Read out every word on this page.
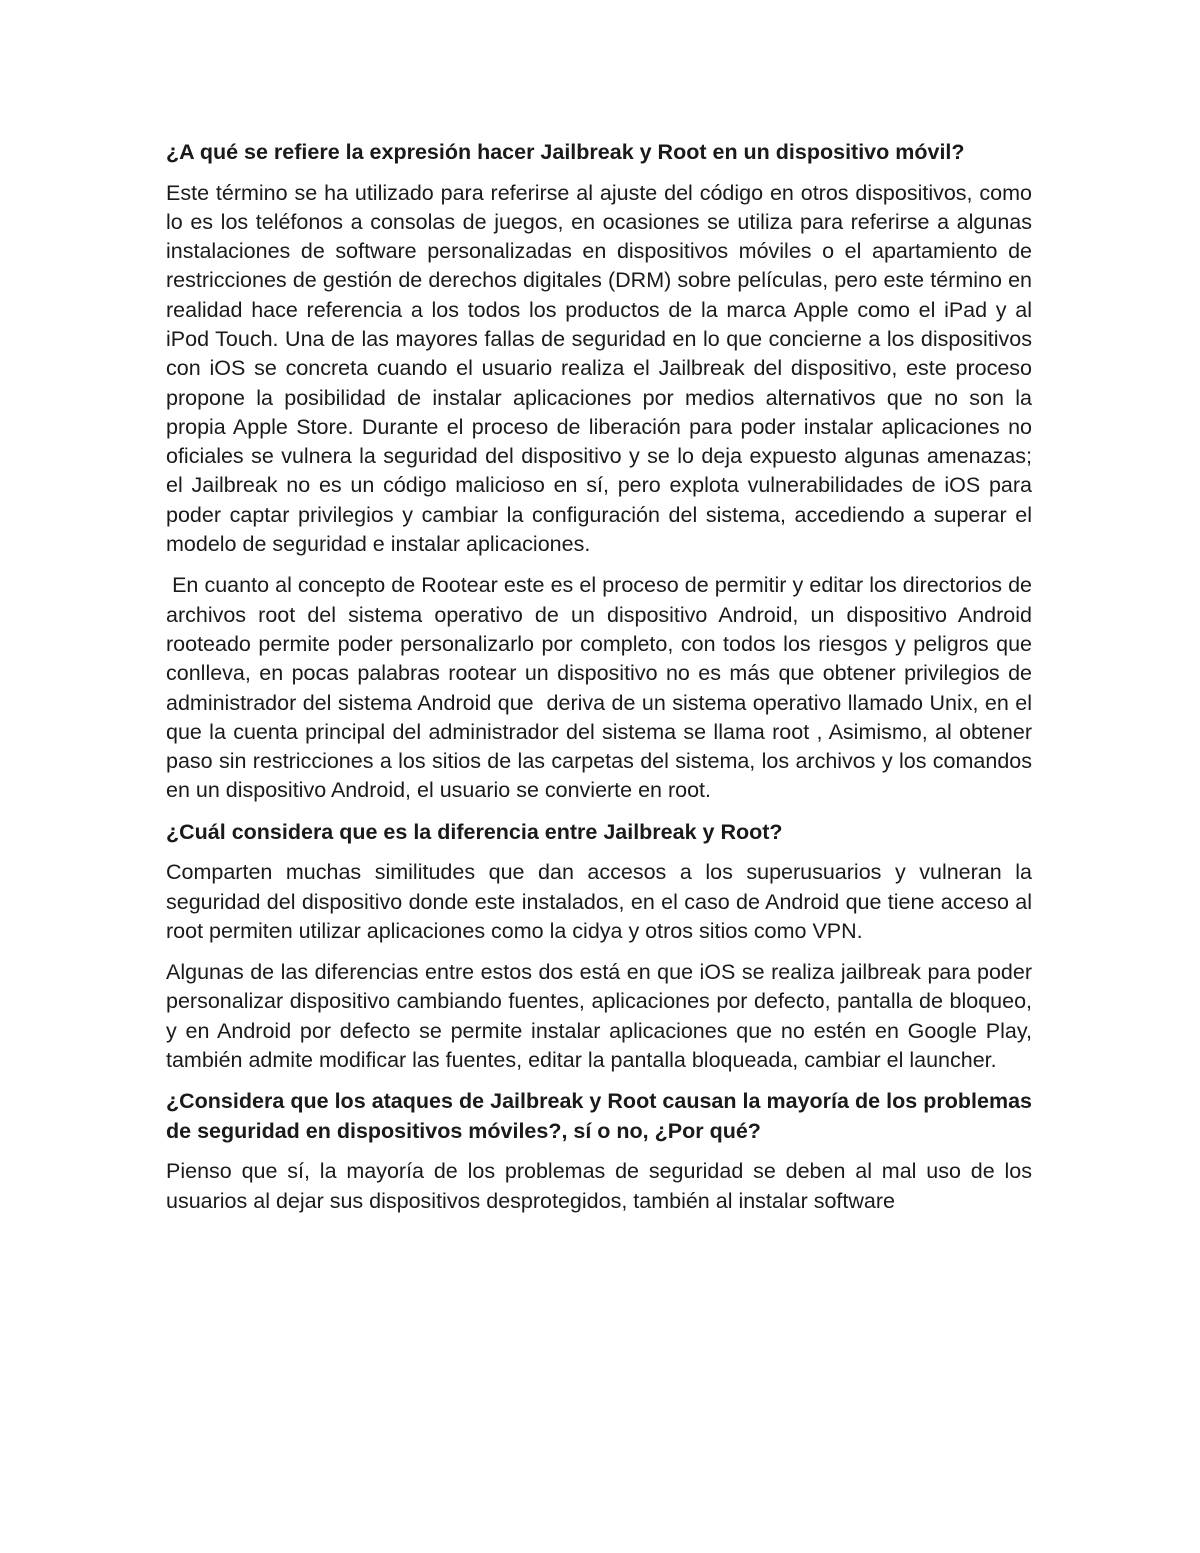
¿A qué se refiere la expresión hacer Jailbreak y Root en un dispositivo móvil?

Este término se ha utilizado para referirse al ajuste del código en otros dispositivos, como lo es los teléfonos a consolas de juegos, en ocasiones se utiliza para referirse a algunas instalaciones de software personalizadas en dispositivos móviles o el apartamiento de restricciones de gestión de derechos digitales (DRM) sobre películas, pero este término en realidad hace referencia a los todos los productos de la marca Apple como el iPad y al iPod Touch. Una de las mayores fallas de seguridad en lo que concierne a los dispositivos con iOS se concreta cuando el usuario realiza el Jailbreak del dispositivo, este proceso propone la posibilidad de instalar aplicaciones por medios alternativos que no son la propia Apple Store. Durante el proceso de liberación para poder instalar aplicaciones no oficiales se vulnera la seguridad del dispositivo y se lo deja expuesto algunas amenazas; el Jailbreak no es un código malicioso en sí, pero explota vulnerabilidades de iOS para poder captar privilegios y cambiar la configuración del sistema, accediendo a superar el modelo de seguridad e instalar aplicaciones.

En cuanto al concepto de Rootear este es el proceso de permitir y editar los directorios de archivos root del sistema operativo de un dispositivo Android, un dispositivo Android rooteado permite poder personalizarlo por completo, con todos los riesgos y peligros que conlleva, en pocas palabras rootear un dispositivo no es más que obtener privilegios de administrador del sistema Android que  deriva de un sistema operativo llamado Unix, en el que la cuenta principal del administrador del sistema se llama root , Asimismo, al obtener paso sin restricciones a los sitios de las carpetas del sistema, los archivos y los comandos en un dispositivo Android, el usuario se convierte en root.

¿Cuál considera que es la diferencia entre Jailbreak y Root?

Comparten muchas similitudes que dan accesos a los superusuarios y vulneran la seguridad del dispositivo donde este instalados, en el caso de Android que tiene acceso al root permiten utilizar aplicaciones como la cidya y otros sitios como VPN.

Algunas de las diferencias entre estos dos está en que iOS se realiza jailbreak para poder personalizar dispositivo cambiando fuentes, aplicaciones por defecto, pantalla de bloqueo, y en Android por defecto se permite instalar aplicaciones que no estén en Google Play, también admite modificar las fuentes, editar la pantalla bloqueada, cambiar el launcher.

¿Considera que los ataques de Jailbreak y Root causan la mayoría de los problemas de seguridad en dispositivos móviles?, sí o no, ¿Por qué?

Pienso que sí, la mayoría de los problemas de seguridad se deben al mal uso de los usuarios al dejar sus dispositivos desprotegidos, también al instalar software
